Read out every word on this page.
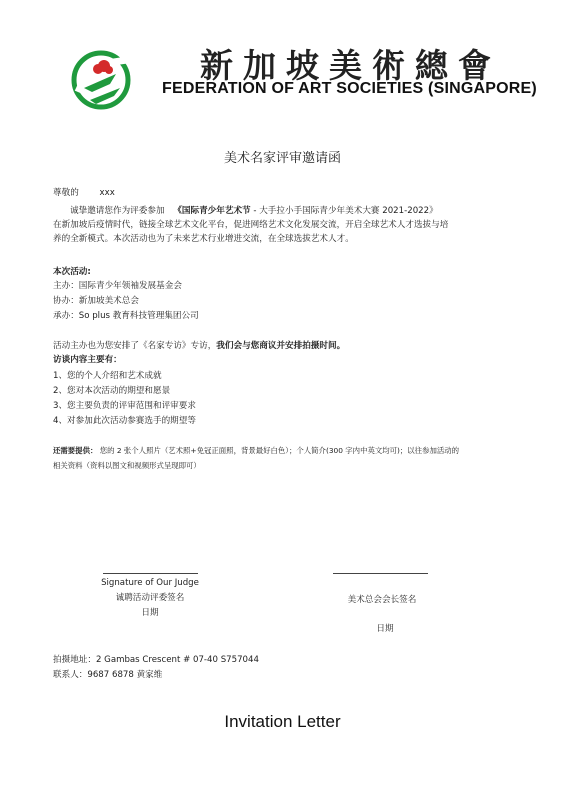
新加坡美術總會
FEDERATION OF ART SOCIETIES (SINGAPORE)
美术名家评审邀请函
尊敬的 xxx
诚挚邀请您作为评委参加 《国际青少年艺术节 - 大手拉小手国际青少年美术大赛 2021-2022》
在新加坡后疫情时代，链接全球艺术文化平台，促进网络艺术文化发展交流，开启全球艺术人才选拔与培
养的全新模式。本次活动也为了未来艺术行业增进交流，在全球选拔艺术人才。
本次活动:
主办：国际青少年领袖发展基金会
协办：新加坡美术总会
承办：So plus 教育科技管理集团公司
活动主办也为您安排了《名家专访》专访，我们会与您商议并安排拍摄时间。
访谈内容主要有：
1、您的个人介绍和艺术成就
2、您对本次活动的期望和愿景
3、您主要负责的评审范围和评审要求
4、对参加此次活动参赛选手的期望等
还需要提供： 您的 2 张个人照片（艺术照+免冠正面照，背景最好白色）；个人简介(300 字内中英文均可)；以往参加活动的
相关资料（资料以图文和视频形式呈现即可）
Signature of Our Judge
诚聘活动评委签名
日期
美术总会会长签名
日期
拍摄地址：2 Gambas Crescent # 07-40 S757044
联系人：9687 6878 黄家维
Invitation Letter
